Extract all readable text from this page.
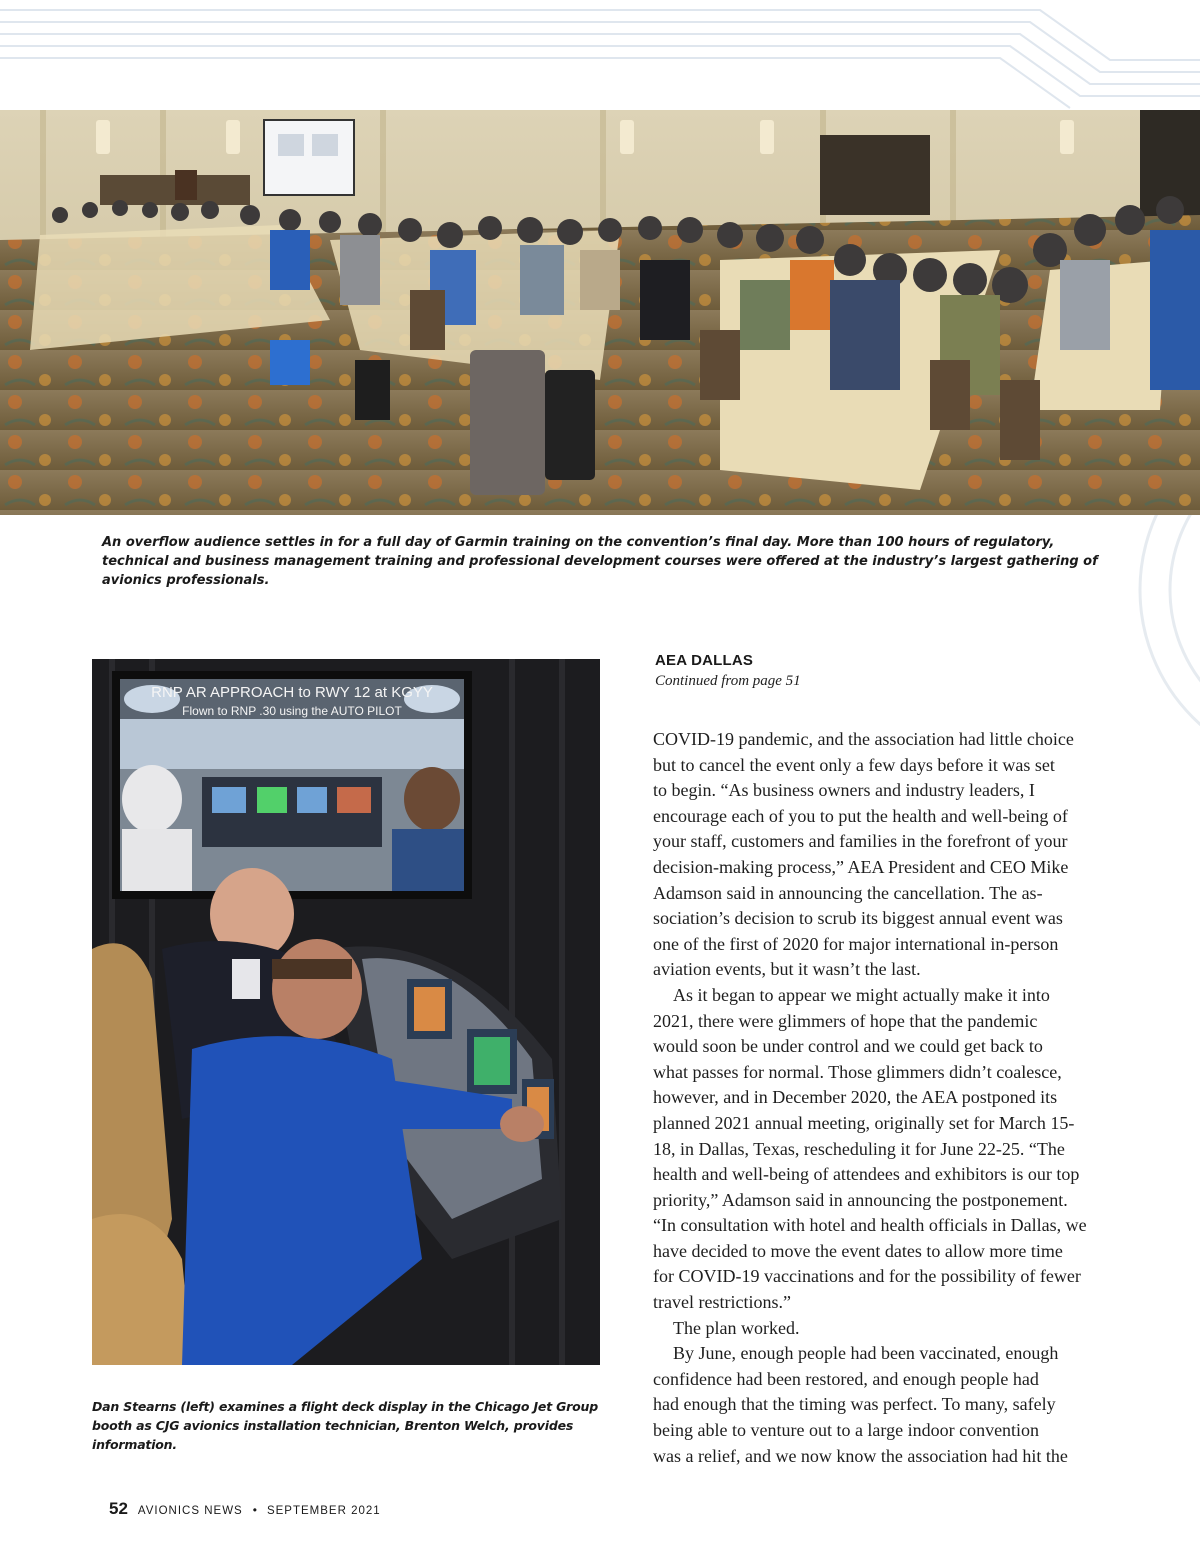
An overflow audience settles in for a full day of Garmin training on the convention’s final day. More than 100 hours of regulatory, technical and business management training and professional development courses were offered at the industry’s largest gathering of avionics professionals.

RNP AR APPROACH to RWY 12 at KGYY
Flown to RNP .30 using the AUTO PILOT

Dan Stearns (left) examines a flight deck display in the Chicago Jet Group booth as CJG avionics installation technician, Brenton Welch, provides information.

AEA DALLAS

Continued from page 51

COVID-19 pandemic, and the association had little choice
but to cancel the event only a few days before it was set
to begin. “As business owners and industry leaders, I
encourage each of you to put the health and well-being of
your staff, customers and families in the forefront of your
decision-making process,” AEA President and CEO Mike
Adamson said in announcing the cancellation. The as-
sociation’s decision to scrub its biggest annual event was
one of the first of 2020 for major international in-person
aviation events, but it wasn’t the last.
As it began to appear we might actually make it into
2021, there were glimmers of hope that the pandemic
would soon be under control and we could get back to
what passes for normal. Those glimmers didn’t coalesce,
however, and in December 2020, the AEA postponed its
planned 2021 annual meeting, originally set for March 15-
18, in Dallas, Texas, rescheduling it for June 22-25. “The
health and well-being of attendees and exhibitors is our top
priority,” Adamson said in announcing the postponement.
“In consultation with hotel and health officials in Dallas, we
have decided to move the event dates to allow more time
for COVID-19 vaccinations and for the possibility of fewer
travel restrictions.”
The plan worked.
By June, enough people had been vaccinated, enough
confidence had been restored, and enough people had
had enough that the timing was perfect. To many, safely
being able to venture out to a large indoor convention
was a relief, and we now know the association had hit the
52 AVIONICS NEWS • SEPTEMBER 2021
